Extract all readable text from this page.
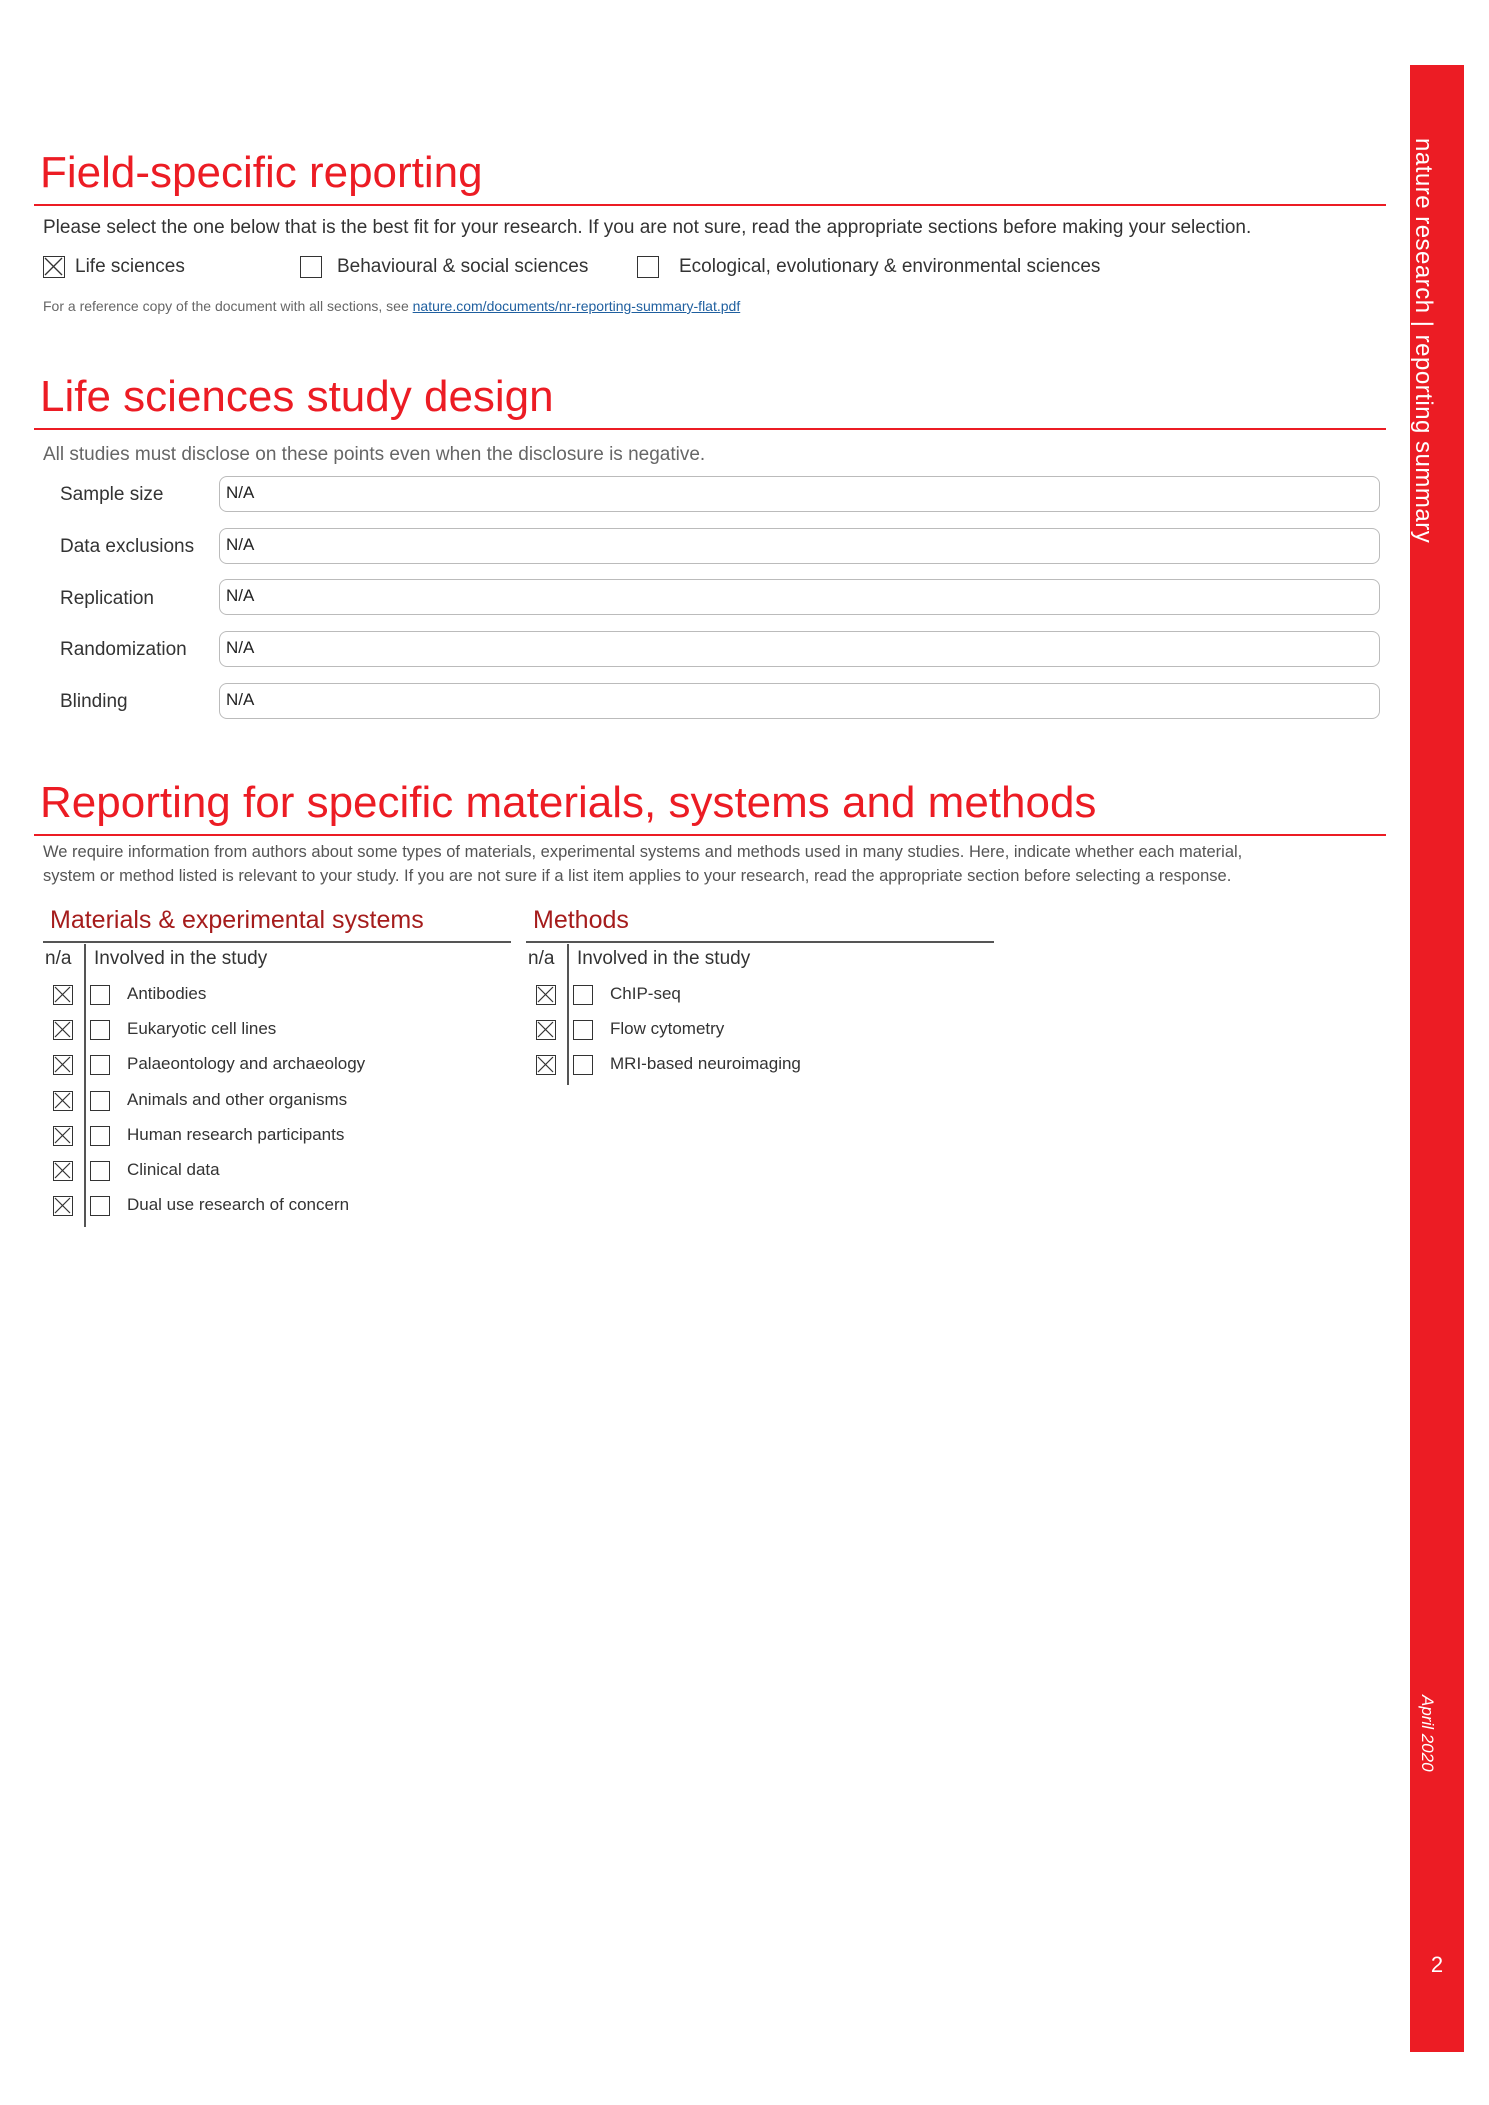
nature research | reporting summary
April 2020
2
Field-specific reporting
Please select the one below that is the best fit for your research. If you are not sure, read the appropriate sections before making your selection.
Life sciences	Behavioural & social sciences	Ecological, evolutionary & environmental sciences
For a reference copy of the document with all sections, see nature.com/documents/nr-reporting-summary-flat.pdf
Life sciences study design
All studies must disclose on these points even when the disclosure is negative.
Sample size	N/A
Data exclusions	N/A
Replication	N/A
Randomization	N/A
Blinding	N/A
Reporting for specific materials, systems and methods
We require information from authors about some types of materials, experimental systems and methods used in many studies. Here, indicate whether each material,
system or method listed is relevant to your study. If you are not sure if a list item applies to your research, read the appropriate section before selecting a response.
Materials & experimental systems
n/a Involved in the study
Antibodies
Eukaryotic cell lines
Palaeontology and archaeology
Animals and other organisms
Human research participants
Clinical data
Dual use research of concern
Methods
n/a Involved in the study
ChIP-seq
Flow cytometry
MRI-based neuroimaging
